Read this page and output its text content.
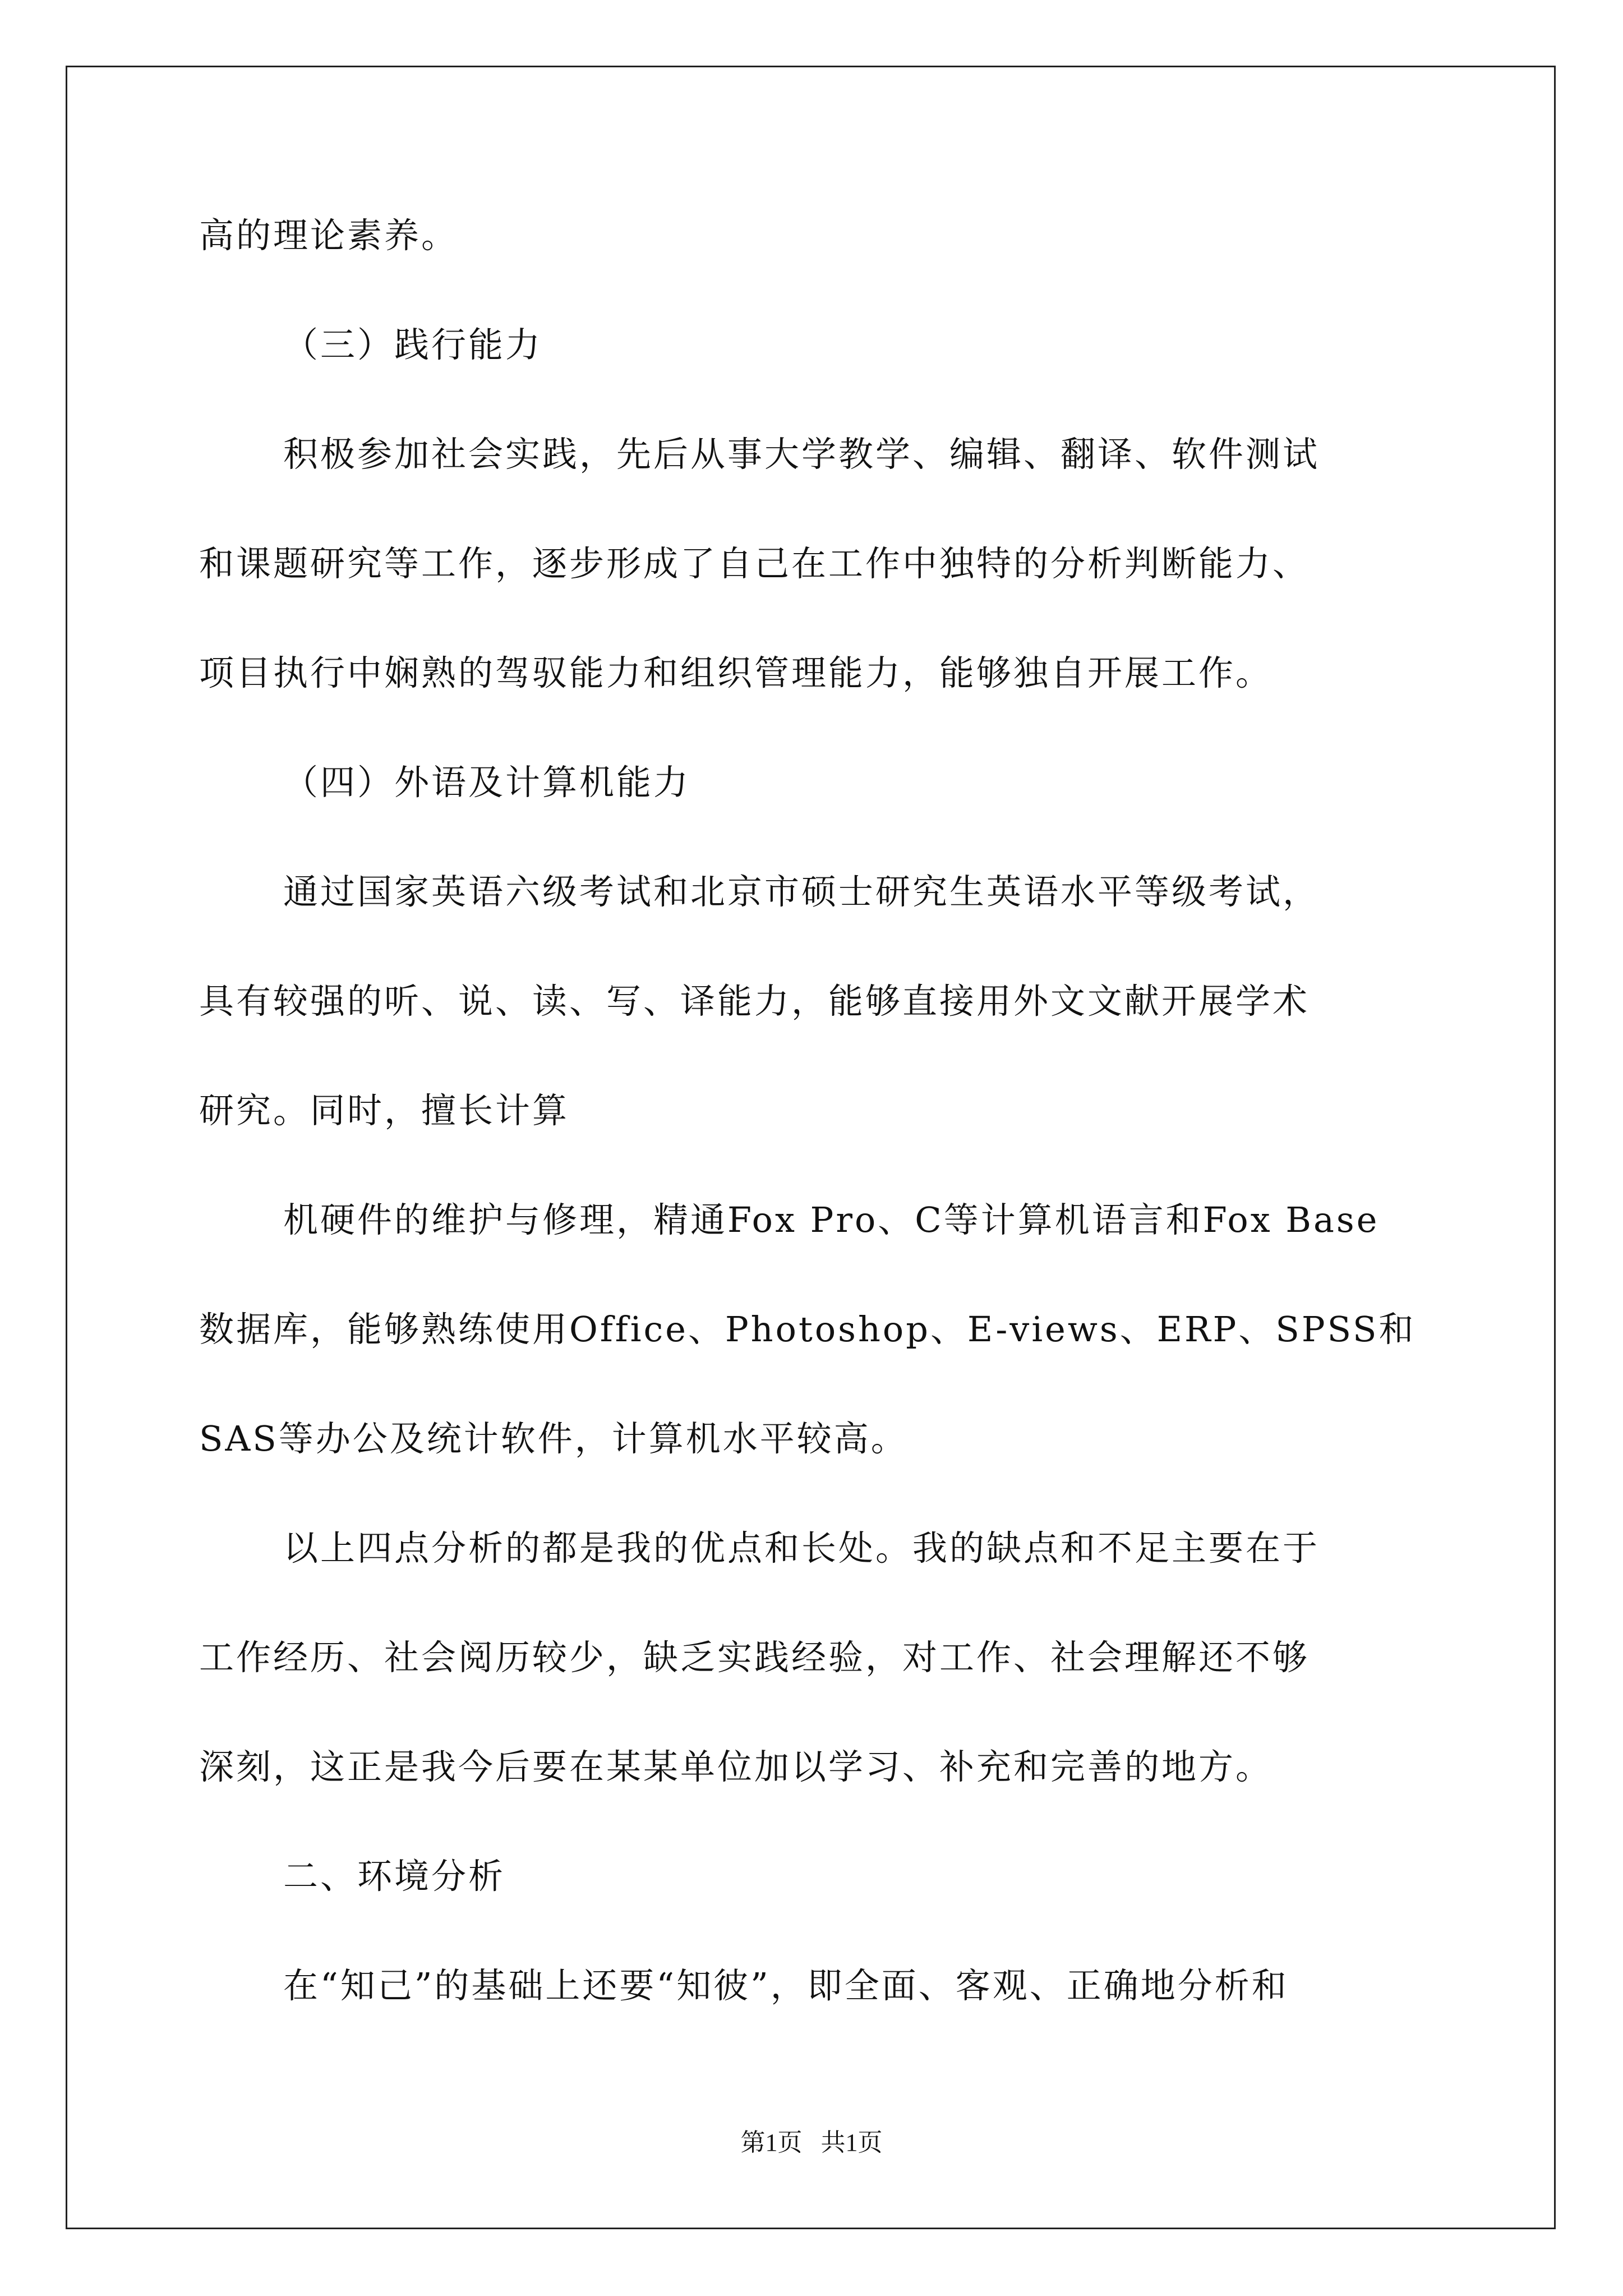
高的理论素养。
（三）践行能力
积极参加社会实践，先后从事大学教学、编辑、翻译、软件测试
和课题研究等工作，逐步形成了自己在工作中独特的分析判断能力、
项目执行中娴熟的驾驭能力和组织管理能力，能够独自开展工作。
（四）外语及计算机能力
通过国家英语六级考试和北京市硕士研究生英语水平等级考试，
具有较强的听、说、读、写、译能力，能够直接用外文文献开展学术
研究。同时，擅长计算
机硬件的维护与修理，精通Fox Pro、C等计算机语言和Fox Base
数据库，能够熟练使用Office、Photoshop、E-views、ERP、SPSS和
SAS等办公及统计软件，计算机水平较高。
以上四点分析的都是我的优点和长处。我的缺点和不足主要在于
工作经历、社会阅历较少，缺乏实践经验，对工作、社会理解还不够
深刻，这正是我今后要在某某单位加以学习、补充和完善的地方。
二、环境分析
在“知己”的基础上还要“知彼”，即全面、客观、正确地分析和
第1页   共1页
